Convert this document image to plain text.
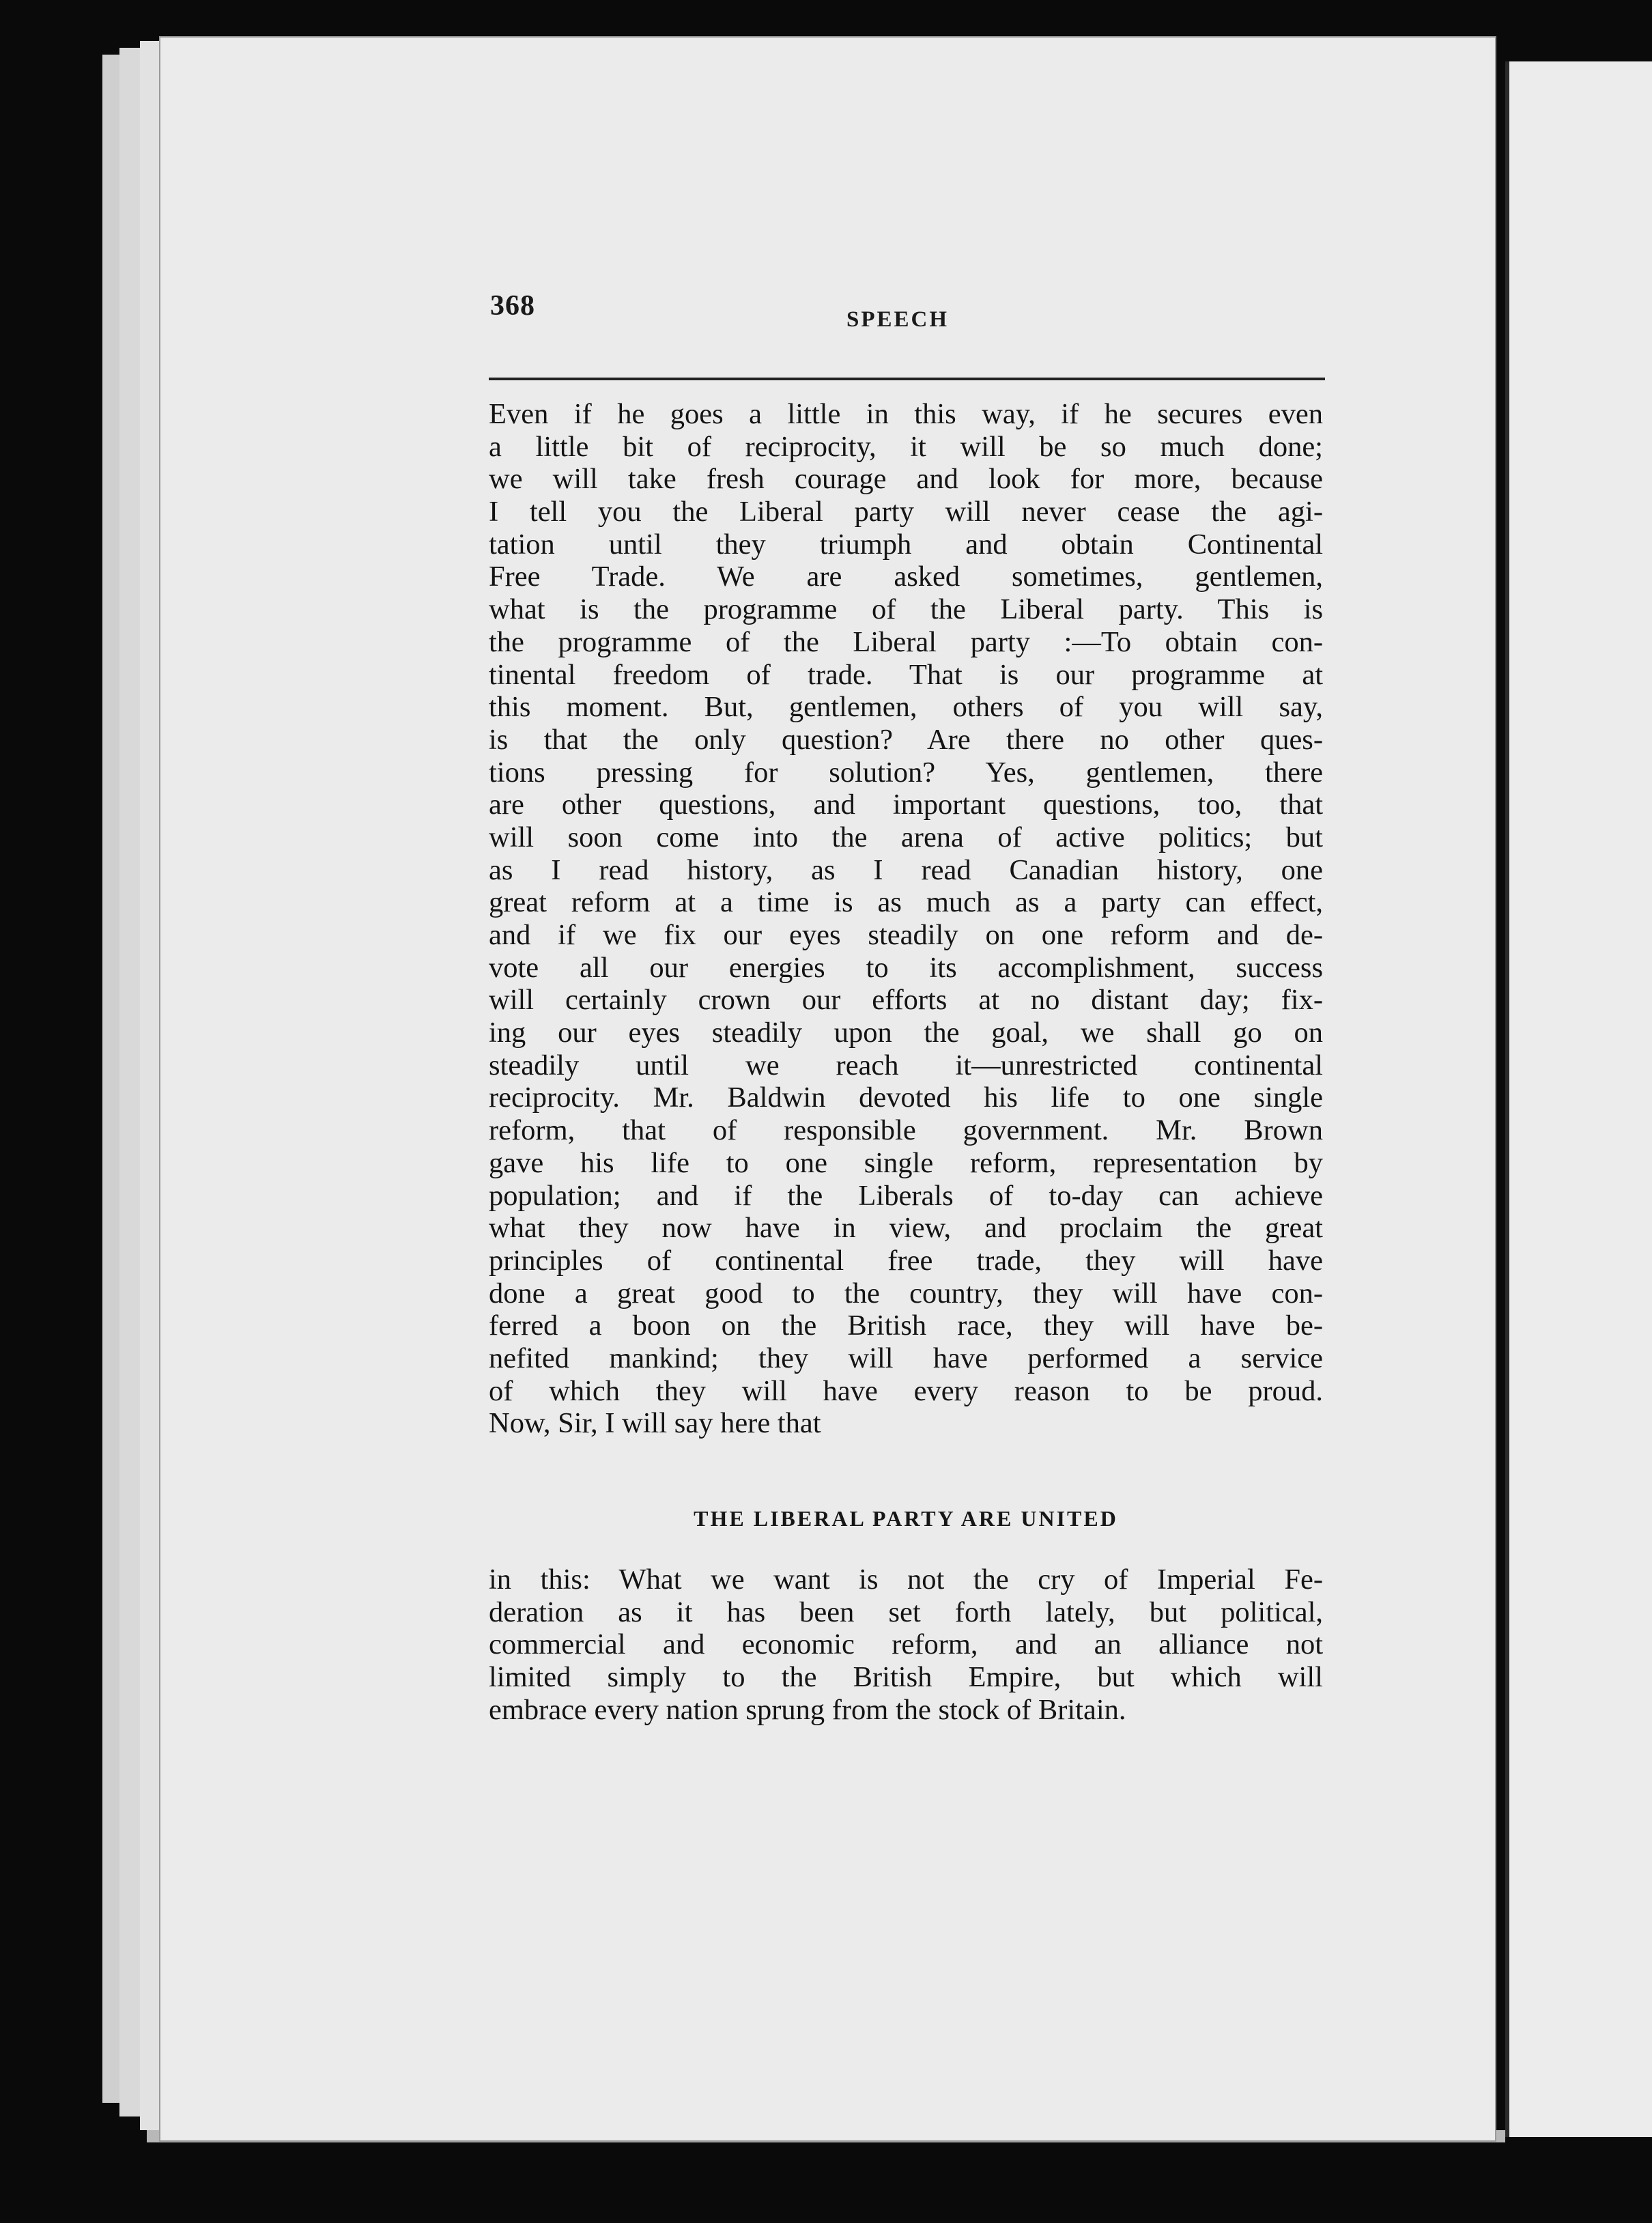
368	SPEECH
Even if he goes a little in this way, if he secures even
a little bit of reciprocity, it will be so much done;
we will take fresh courage and look for more, because
I tell you the Liberal party will never cease the agi-
tation until they triumph and obtain Continental
Free Trade. We are asked sometimes, gentlemen,
what is the programme of the Liberal party. This is
the programme of the Liberal party :—To obtain con-
tinental freedom of trade. That is our programme at
this moment. But, gentlemen, others of you will say,
is that the only question? Are there no other ques-
tions pressing for solution? Yes, gentlemen, there
are other questions, and important questions, too, that
will soon come into the arena of active politics; but
as I read history, as I read Canadian history, one
great reform at a time is as much as a party can effect,
and if we fix our eyes steadily on one reform and de-
vote all our energies to its accomplishment, success
will certainly crown our efforts at no distant day; fix-
ing our eyes steadily upon the goal, we shall go on
steadily until we reach it—unrestricted continental
reciprocity. Mr. Baldwin devoted his life to one single
reform, that of responsible government. Mr. Brown
gave his life to one single reform, representation by
population; and if the Liberals of to-day can achieve
what they now have in view, and proclaim the great
principles of continental free trade, they will have
done a great good to the country, they will have con-
ferred a boon on the British race, they will have be-
nefited mankind; they will have performed a service
of which they will have every reason to be proud.
Now, Sir, I will say here that
THE LIBERAL PARTY ARE UNITED
in this: What we want is not the cry of Imperial Fe-
deration as it has been set forth lately, but political,
commercial and economic reform, and an alliance not
limited simply to the British Empire, but which will
embrace every nation sprung from the stock of Britain.
